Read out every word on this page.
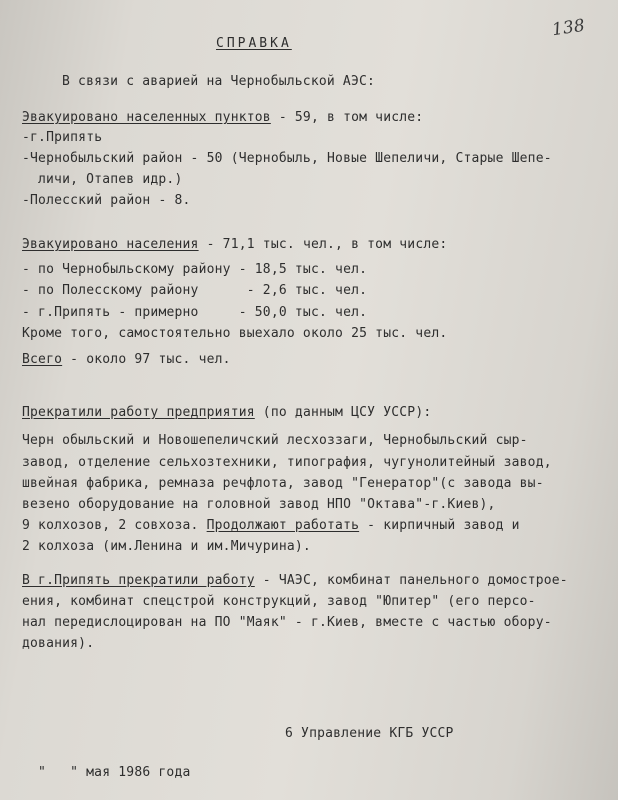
138
СПРАВКА
В связи с аварией на Чернобыльской АЭС:
Эвакуировано населенных пунктов - 59, в том числе:
-г.Припять
-Чернобыльский район - 50 (Чернобыль, Новые Шепеличи, Старые Шепе-
личи, Отапев идр.)
-Полесский район - 8.
Эвакуировано населения - 71,1 тыс. чел., в том числе:
- по Чернобыльскому району - 18,5 тыс. чел.
- по Полесскому району      - 2,6 тыс. чел.
- г.Припять - примерно     - 50,0 тыс. чел.
Кроме того, самостоятельно выехало около 25 тыс. чел.
Всего - около 97 тыс. чел.
Прекратили работу предприятия (по данным ЦСУ УССР):
Черн обыльский и Новошепеличский лесхоззаги, Чернобыльский сыр-
завод, отделение сельхозтехники, типография, чугунолитейный завод,
швейная фабрика, ремназа речфлота, завод "Генератор"(с завода вы-
везено оборудование на головной завод НПО "Октава"-г.Киев),
9 колхозов, 2 совхоза. Продолжают работать - кирпичный завод и
2 колхоза (им.Ленина и им.Мичурина).
В г.Припять прекратили работу - ЧАЭС, комбинат панельного домострое-
ения, комбинат спецстрой конструкций, завод "Юпитер" (его персо-
нал передислоцирован на ПО "Маяк" - г.Киев, вместе с частью обору-
дования).
6 Управление КГБ УССР
"   " мая 1986 года
